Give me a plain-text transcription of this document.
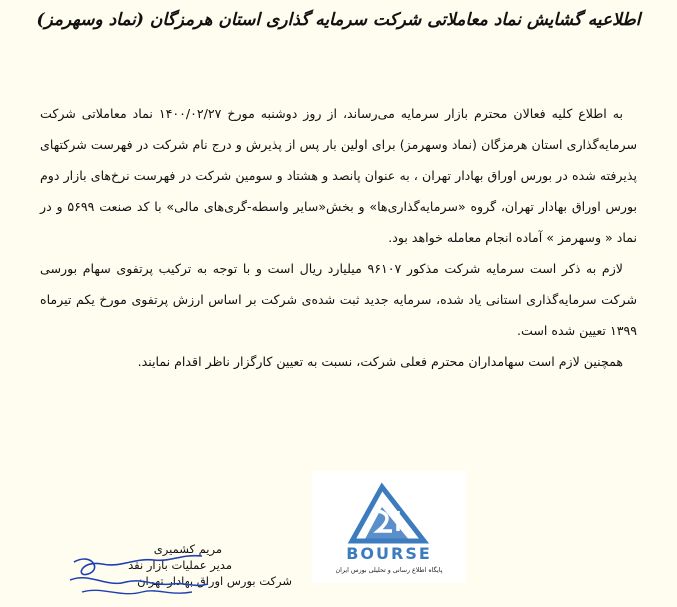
اطلاعیه گشایش نماد معاملاتی شرکت سرمایه گذاری استان هرمزگان (نماد وسهرمز)

به اطلاع کلیه فعالان محترم بازار سرمایه می‌رساند، از روز دوشنبه مورخ ۱۴۰۰/۰۲/۲۷ نماد معاملاتی شرکت سرمایه‌گذاری استان هرمزگان (نماد وسهرمز) برای اولین بار پس از پذیرش و درج نام شرکت در فهرست شرکتهای پذیرفته شده در بورس اوراق بهادار تهران ، به عنوان پانصد و هشتاد و سومین شرکت در فهرست نرخ‌های بازار دوم بورس اوراق بهادار تهران، گروه «سرمایه‌گذاری‌ها» و بخش«سایر واسطه-گری‌های مالی» با کد صنعت ۵۶۹۹ و در نماد « وسهرمز » آماده انجام معامله خواهد بود.

لازم به ذکر است سرمایه شرکت مذکور ۹۶۱۰۷ میلیارد ریال است و با توجه به ترکیب پرتفوی سهام بورسی شرکت سرمایه‌گذاری استانی یاد شده، سرمایه جدید ثبت شده‌ی شرکت بر اساس ارزش پرتفوی مورخ یکم تیرماه ۱۳۹۹ تعیین شده است.

همچنین لازم است سهامداران محترم فعلی شرکت، نسبت به تعیین کارگزار ناظر اقدام نمایند.

BOURSE
پایگاه اطلاع رسانی و تحلیلی بورس ایران
مریم کشمیری
مدیر عملیات بازار نقد
شرکت بورس اوراق بهادار تهران
